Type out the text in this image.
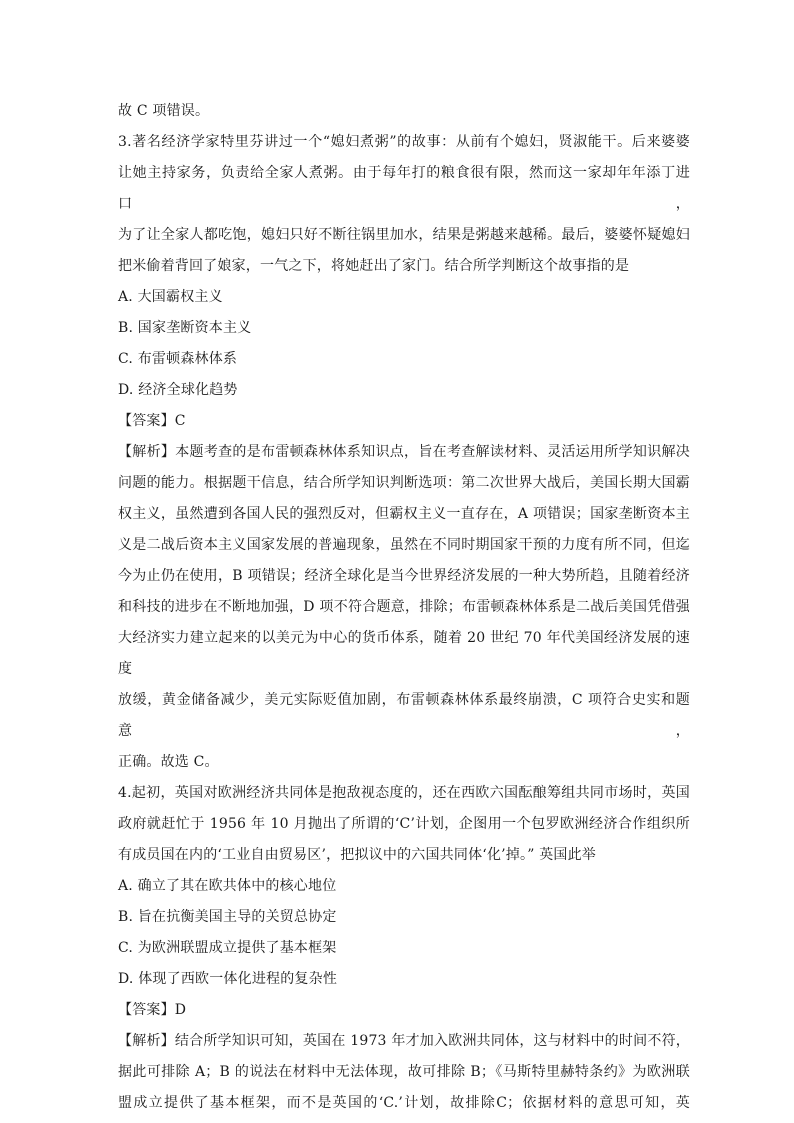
故 C 项错误。

3.著名经济学家特里芬讲过一个“媳妇煮粥”的故事：从前有个媳妇，贤淑能干。后来婆婆

让她主持家务，负责给全家人煮粥。由于每年打的粮食很有限，然而这一家却年年添丁进口，

为了让全家人都吃饱，媳妇只好不断往锅里加水，结果是粥越来越稀。最后，婆婆怀疑媳妇

把米偷着背回了娘家，一气之下，将她赶出了家门。结合所学判断这个故事指的是

A. 大国霸权主义

B. 国家垄断资本主义

C. 布雷顿森林体系

D. 经济全球化趋势

【答案】C

【解析】本题考查的是布雷顿森林体系知识点，旨在考查解读材料、灵活运用所学知识解决

问题的能力。根据题干信息，结合所学知识判断选项：第二次世界大战后，美国长期大国霸

权主义，虽然遭到各国人民的强烈反对，但霸权主义一直存在，A 项错误；国家垄断资本主

义是二战后资本主义国家发展的普遍现象，虽然在不同时期国家干预的力度有所不同，但迄

今为止仍在使用，B 项错误；经济全球化是当今世界经济发展的一种大势所趋，且随着经济

和科技的进步在不断地加强，D 项不符合题意，排除；布雷顿森林体系是二战后美国凭借强

大经济实力建立起来的以美元为中心的货币体系，随着 20 世纪 70 年代美国经济发展的速度

放缓，黄金储备减少，美元实际贬值加剧，布雷顿森林体系最终崩溃，C 项符合史实和题意，

正确。故选 C。

4.起初，英国对欧洲经济共同体是抱敌视态度的，还在西欧六国酝酿筹组共同市场时，英国

政府就赶忙于 1956 年 10 月抛出了所谓的‘C’计划，企图用一个包罗欧洲经济合作组织所

有成员国在内的‘工业自由贸易区’，把拟议中的六国共同体‘化’掉。” 英国此举

A. 确立了其在欧共体中的核心地位

B. 旨在抗衡美国主导的关贸总协定

C. 为欧洲联盟成立提供了基本框架

D. 体现了西欧一体化进程的复杂性

【答案】D

【解析】结合所学知识可知，英国在 1973 年才加入欧洲共同体，这与材料中的时间不符，

据此可排除 A；B 的说法在材料中无法体现，故可排除 B；《马斯特里赫特条约》为欧洲联

盟成立提供了基本框架，而不是英国的‘C.’计划，故排除C；依据材料的意思可知，英
